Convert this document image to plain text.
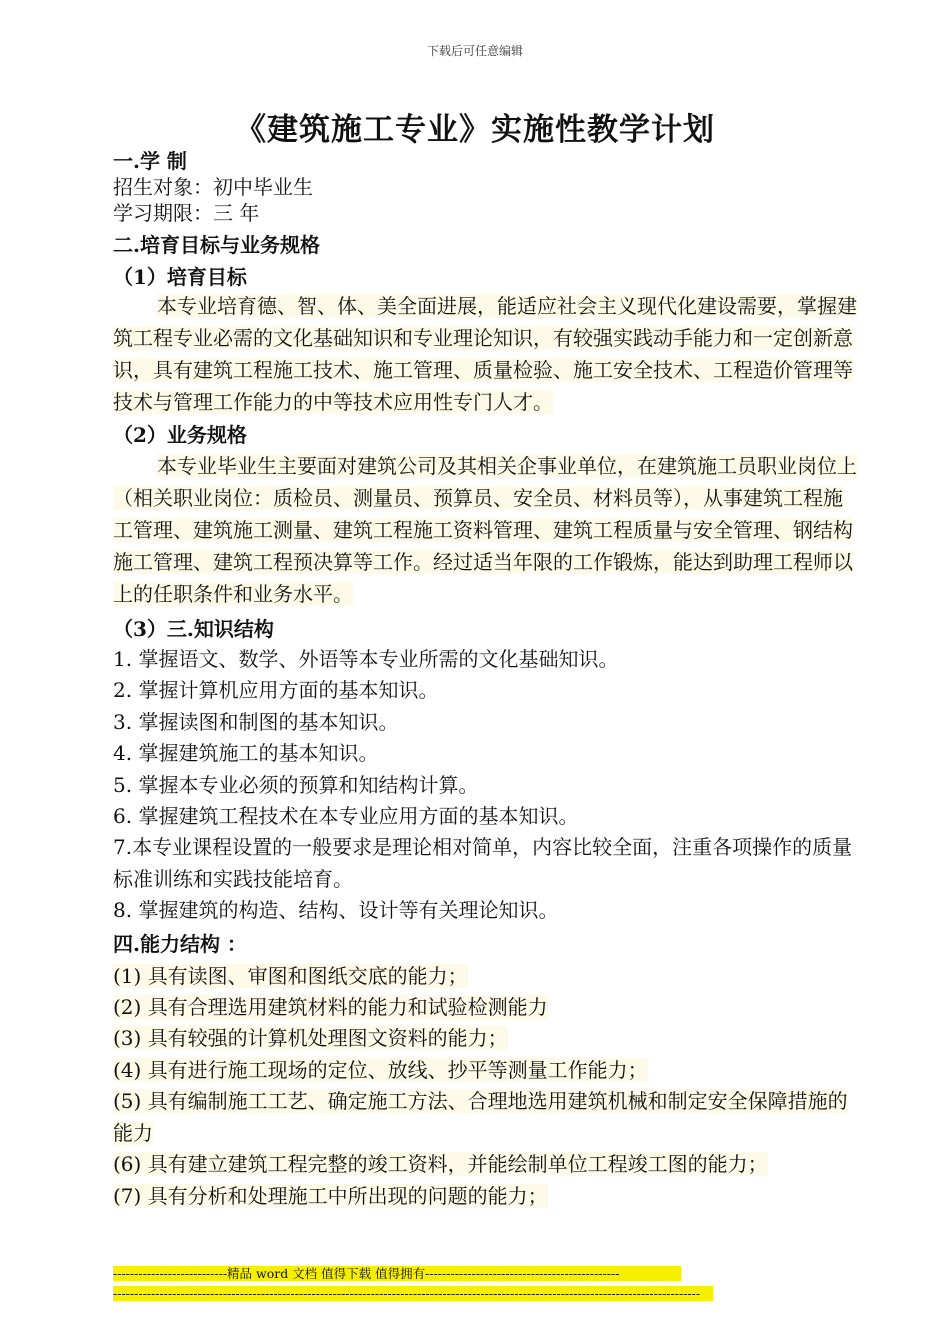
下载后可任意编辑
《建筑施工专业》实施性教学计划

一.学 制

招生对象：初中毕业生

学习期限：三 年

二.培育目标与业务规格

（1）培育目标

本专业培育德、智、体、美全面进展，能适应社会主义现代化建设需要，掌握建筑工程专业必需的文化基础知识和专业理论知识，有较强实践动手能力和一定创新意识，具有建筑工程施工技术、施工管理、质量检验、施工安全技术、工程造价管理等技术与管理工作能力的中等技术应用性专门人才。

（2）业务规格

本专业毕业生主要面对建筑公司及其相关企事业单位，在建筑施工员职业岗位上（相关职业岗位：质检员、测量员、预算员、安全员、材料员等），从事建筑工程施工管理、建筑施工测量、建筑工程施工资料管理、建筑工程质量与安全管理、钢结构施工管理、建筑工程预决算等工作。经过适当年限的工作锻炼，能达到助理工程师以上的任职条件和业务水平。

（3）三.知识结构

1. 掌握语文、数学、外语等本专业所需的文化基础知识。

2. 掌握计算机应用方面的基本知识。

3. 掌握读图和制图的基本知识。

4. 掌握建筑施工的基本知识。

5. 掌握本专业必须的预算和知结构计算。

6. 掌握建筑工程技术在本专业应用方面的基本知识。

7.本专业课程设置的一般要求是理论相对简单，内容比较全面，注重各项操作的质量标准训练和实践技能培育。

8. 掌握建筑的构造、结构、设计等有关理论知识。

四.能力结构 ：

(1) 具有读图、审图和图纸交底的能力；

(2) 具有合理选用建筑材料的能力和试验检测能力

(3) 具有较强的计算机处理图文资料的能力；

(4) 具有进行施工现场的定位、放线、抄平等测量工作能力；

(5) 具有编制施工工艺、确定施工方法、合理地选用建筑机械和制定安全保障措施的能力

(6) 具有建立建筑工程完整的竣工资料，并能绘制单位工程竣工图的能力；

(7) 具有分析和处理施工中所出现的问题的能力；

---------------------------精品 word 文档 值得下载 值得拥有----------------------------------------------
-------------------------------------------------------------------------------------------------------------------------------------------
